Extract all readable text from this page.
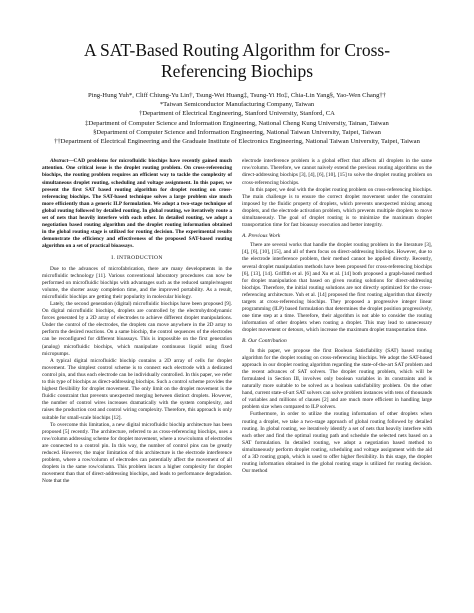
A SAT-Based Routing Algorithm for Cross-Referencing Biochips
Ping-Hung Yuh*, Cliff Chiung-Yu Lin†, Tsung-Wei Huang‡, Tsung-Yi Ho‡, Chia-Lin Yang§, Yao-Wen Chang††
*Taiwan Semiconductor Manufacturing Company, Taiwan
†Department of Electrical Engineering, Stanford University, Stanford, CA
‡Department of Computer Science and Information Engineering, National Cheng Kung University, Tainan, Taiwan
§Department of Computer Science and Information Engineering, National Taiwan University, Taipei, Taiwan
††Department of Electrical Engineering and the Graduate Institute of Electronics Engineering, National Taiwan University, Taipei, Taiwan

Abstract—CAD problems for microfluidic biochips have recently gained much attention. One critical issue is the droplet routing problem. On cross-referencing biochips, the routing problem requires an efficient way to tackle the complexity of simultaneous droplet routing, scheduling and voltage assignment. In this paper, we present the first SAT based routing algorithm for droplet routing on cross-referencing biochips. The SAT-based technique solves a large problem size much more efficiently than a generic ILP formulation. We adopt a two-stage technique of global routing followed by detailed routing. In global routing, we iteratively route a set of nets that heavily interfere with each other. In detailed routing, we adopt a negotiation based routing algorithm and the droplet routing information obtained in the global routing stage is utilized for routing decision. The experimental results demonstrate the efficiency and effectiveness of the proposed SAT-based routing algorithm on a set of practical bioassays.

I. INTRODUCTION

Due to the advances of microfabrication, there are many developments in the microfluidic technology [11]. Various conventional laboratory procedures can now be performed on microfluidic biochips with advantages such as the reduced sample/reagent volume, the shorter assay completion time, and the improved portability. As a result, microfluidic biochips are getting their popularity in molecular biology.

Lately, the second generation (digital) microfluidic biochips have been proposed [9]. On digital microfluidic biochips, droplets are controlled by the electrohydrodynamic forces generated by a 2D array of electrodes to achieve different droplet manipulations. Under the control of the electrodes, the droplets can move anywhere in the 2D array to perform the desired reactions. On a same biochip, the control sequences of the electrodes can be reconfigured for different bioassays. This is impossible on the first generation (analog) microfluidic biochips, which manipulate continuous liquid using fixed micropumps.

A typical digital microfluidic biochip contains a 2D array of cells for droplet movement. The simplest control scheme is to connect each electrode with a dedicated control pin, and thus each electrode can be individually controlled. In this paper, we refer to this type of biochips as direct-addressing biochips. Such a control scheme provides the highest flexibility for droplet movement. The only limit on the droplet movement is the fluidic constraint that prevents unexpected merging between distinct droplets. However, the number of control wires increases dramatically with the system complexity, and raises the production cost and control wiring complexity. Therefore, this approach is only suitable for small-scale biochips [12].

To overcome this limitation, a new digital microfluidic biochip architecture has been proposed [5] recently. The architecture, referred to as cross-referencing biochips, uses a row/column addressing scheme for droplet movement, where a row/column of electrodes are connected to a control pin. In this way, the number of control pins can be greatly reduced. However, the major limitation of this architecture is the electrode interference problem, where a row/column of electrodes can potentially affect the movement of all droplets in the same row/column. This problem incurs a higher complexity for droplet movement than that of direct-addressing biochips, and leads to performance degradation. Note that the

electrode interference problem is a global effect that affects all droplets in the same row/column. Therefore, we cannot naively extend the previous routing algorithms on the direct-addressing biochips [3], [4], [6], [10], [15] to solve the droplet routing problem on cross-referencing biochips.

In this paper, we deal with the droplet routing problem on cross-referencing biochips. The main challenge is to ensure the correct droplet movement under the constraint imposed by the fluidic property of droplets, which prevents unexpected mixing among droplets, and the electrode activation problem, which prevents multiple droplets to move simultaneously. The goal of droplet routing is to minimize the maximum droplet transportation time for fast bioassay execution and better integrity.

A. Previous Work

There are several works that handle the droplet routing problem in the literature [3], [4], [6], [10], [15], and all of them focus on direct-addressing biochips. However, due to the electrode interference problem, their method cannot be applied directly. Recently, several droplet manipulation methods have been proposed for cross-referencing biochips [6], [13], [14]. Griffith et al. [6] and Xu et al. [14] both proposed a graph-based method for droplet manipulation that based on given routing solutions for direct-addressing biochips. Therefore, the initial routing solutions are not directly optimized for the cross-referencing architecture. Yuh et al. [14] proposed the first routing algorithm that directly targets at cross-referencing biochips. They proposed a progressive integer linear programming (ILP) based formulation that determines the droplet position progressively, one time step at a time. Therefore, their algorithm is not able to consider the routing information of other droplets when routing a droplet. This may lead to unnecessary droplet movement or detours, which increase the maximum droplet transportation time.

B. Our Contribution

In this paper, we propose the first Boolean Satisfiability (SAT) based routing algorithm for the droplet routing on cross-referencing biochips. We adopt the SAT-based approach in our droplet routing algorithm regarding the state-of-the-art SAT problem and the recent advances of SAT solvers. The droplet routing problem, which will be formulated in Section III, involves only boolean variables in its constraints and is naturally more suitable to be solved as a boolean satisfiability problem. On the other hand, current state-of-art SAT solvers can solve problem instances with tens of thousands of variables and millions of clauses [2] and are much more efficient in handling large problem size when compared to ILP solvers.

Furthermore, in order to utilize the routing information of other droplets when routing a droplet, we take a two-stage approach of global routing followed by detailed routing. In global routing, we iteratively identify a set of nets that heavily interfere with each other and find the optimal routing path and schedule the selected nets based on a SAT formulation. In detailed routing, we adopt a negotiation based method to simultaneously perform droplet routing, scheduling and voltage assignment with the aid of a 3D routing graph, which is used to offer higher flexibility. In this stage, the droplet routing information obtained in the global routing stage is utilized for routing decision. Our method
